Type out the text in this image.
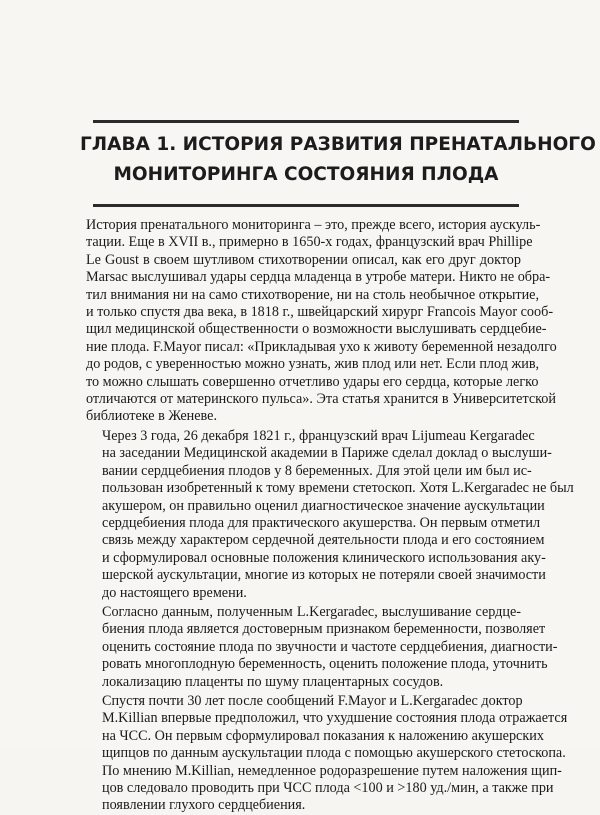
ГЛАВА 1. ИСТОРИЯ РАЗВИТИЯ ПРЕНАТАЛЬНОГО
МОНИТОРИНГА СОСТОЯНИЯ ПЛОДА

История пренатального мониторинга – это, прежде всего, история аускуль-
тации. Еще в XVII в., примерно в 1650-х годах, французский врач Phillipe
Le Goust в своем шутливом стихотворении описал, как его друг доктор
Marsac выслушивал удары сердца младенца в утробе матери. Никто не обра-
тил внимания ни на само стихотворение, ни на столь необычное открытие,
и только спустя два века, в 1818 г., швейцарский хирург Francois Mayor сооб-
щил медицинской общественности о возможности выслушивать сердцебие-
ние плода. F.Mayor писал: «Прикладывая ухо к животу беременной незадолго
до родов, с уверенностью можно узнать, жив плод или нет. Если плод жив,
то можно слышать совершенно отчетливо удары его сердца, которые легко
отличаются от материнского пульса». Эта статья хранится в Университетской
библиотеке в Женеве.

Через 3 года, 26 декабря 1821 г., французский врач Lijumeau Kergaradec
на заседании Медицинской академии в Париже сделал доклад о выслуши-
вании сердцебиения плодов у 8 беременных. Для этой цели им был ис-
пользован изобретенный к тому времени стетоскоп. Хотя L.Kergaradec не был
акушером, он правильно оценил диагностическое значение аускультации
сердцебиения плода для практического акушерства. Он первым отметил
связь между характером сердечной деятельности плода и его состоянием
и сформулировал основные положения клинического использования аку-
шерской аускультации, многие из которых не потеряли своей значимости
до настоящего времени.

Согласно данным, полученным L.Kergaradec, выслушивание сердце-
биения плода является достоверным признаком беременности, позволяет
оценить состояние плода по звучности и частоте сердцебиения, диагности-
ровать многоплодную беременность, оценить положение плода, уточнить
локализацию плаценты по шуму плацентарных сосудов.

Спустя почти 30 лет после сообщений F.Mayor и L.Kergaradec доктор
M.Killian впервые предположил, что ухудшение состояния плода отражается
на ЧСС. Он первым сформулировал показания к наложению акушерских
щипцов по данным аускультации плода с помощью акушерского стетоскопа.
По мнению M.Killian, немедленное родоразрешение путем наложения щип-
цов следовало проводить при ЧСС плода <100 и >180 уд./мин, а также при
появлении глухого сердцебиения.
